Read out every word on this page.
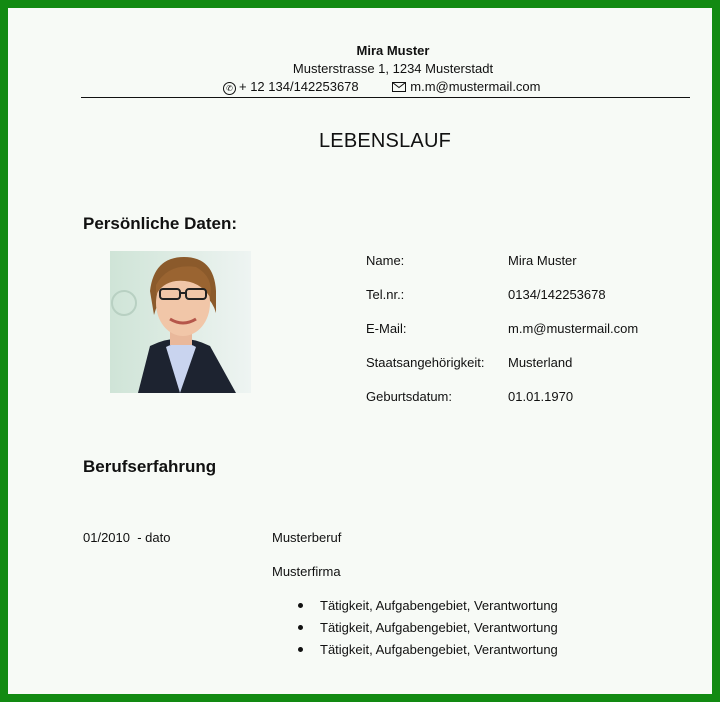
Mira Muster
Musterstrasse 1, 1234 Musterstadt
✆ + 12 134/142253678	m.m@mustermail.com
LEBENSLAUF
Persönliche Daten:
Name:	Mira Muster
Tel.nr.:	0134/142253678
E-Mail:	m.m@mustermail.com
Staatsangehörigkeit: Musterland
Geburtsdatum:	01.01.1970
Berufserfahrung
01/2010  - dato	Musterberuf
Musterfirma
Tätigkeit, Aufgabengebiet, Verantwortung
Tätigkeit, Aufgabengebiet, Verantwortung
Tätigkeit, Aufgabengebiet, Verantwortung
